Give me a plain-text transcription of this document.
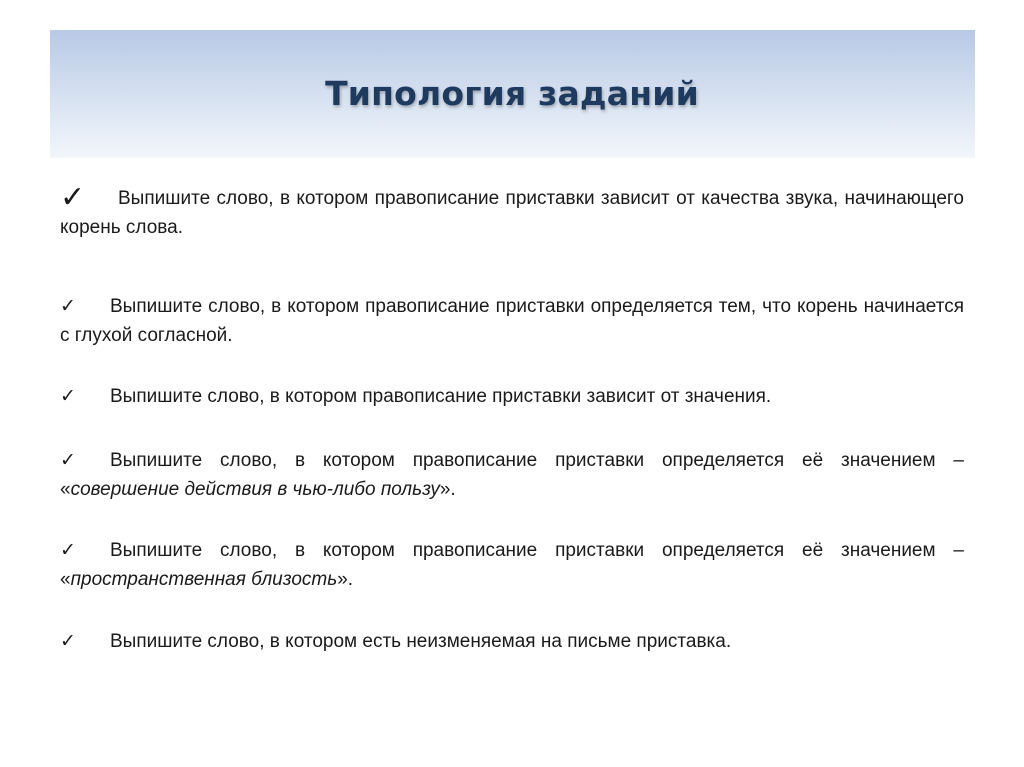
Типология заданий
✓ Выпишите слово, в котором правописание приставки зависит от качества звука, начинающего корень слова.
✓ Выпишите слово, в котором правописание приставки определяется тем, что корень начинается с глухой согласной.
✓ Выпишите слово, в котором правописание приставки зависит от значения.
✓ Выпишите слово, в котором правописание приставки определяется её значением – «совершение действия в чью-либо пользу».
✓ Выпишите слово, в котором правописание приставки определяется её значением – «пространственная близость».
✓ Выпишите слово, в котором есть неизменяемая на письме приставка.
